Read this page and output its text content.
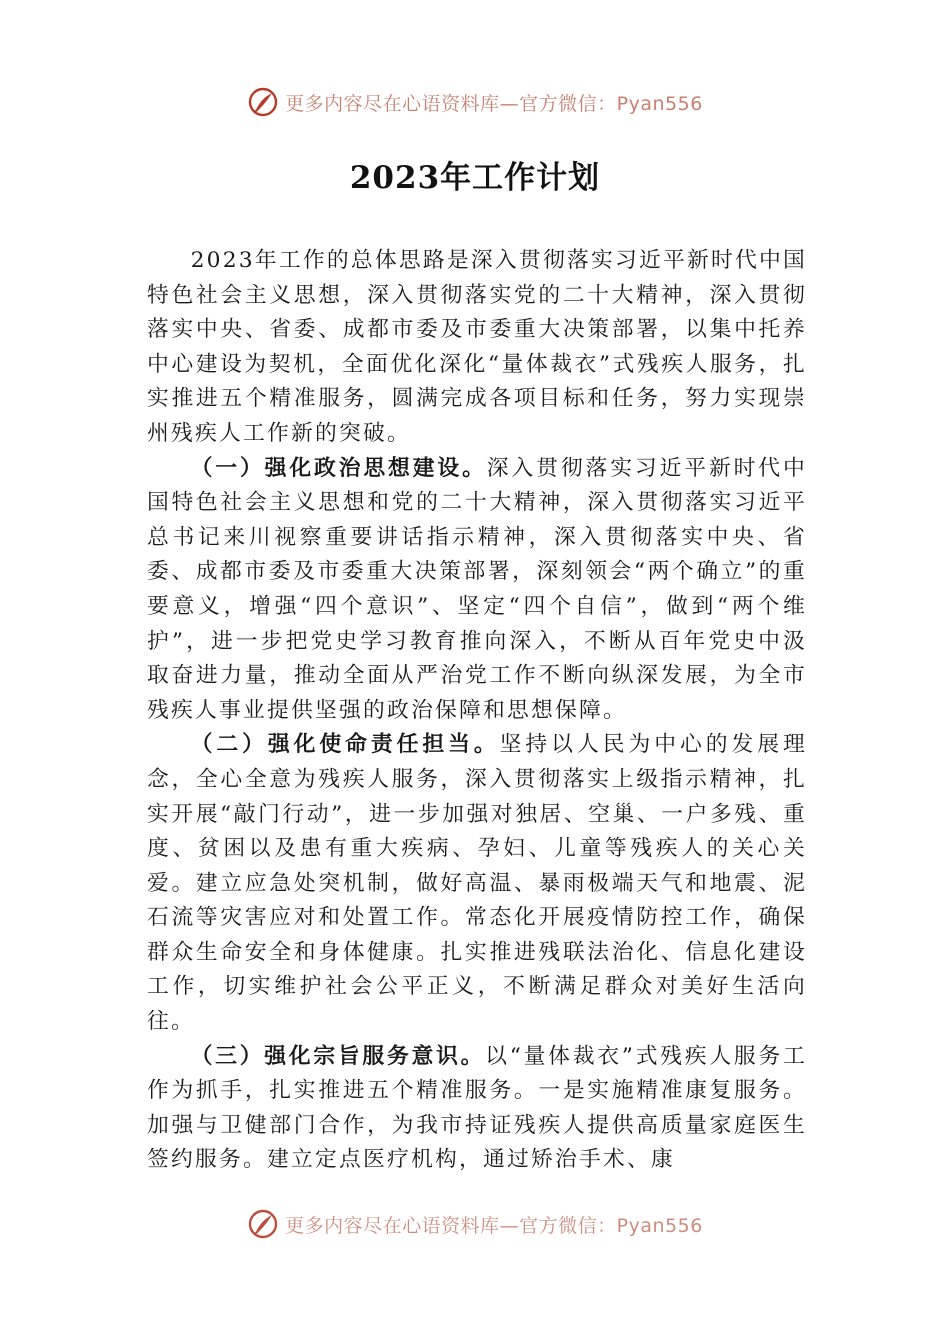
更多内容尽在心语资料库—官方微信：Pyan556
2023年工作计划

2023年工作的总体思路是深入贯彻落实习近平新时代中国特色社会主义思想，深入贯彻落实党的二十大精神，深入贯彻落实中央、省委、成都市委及市委重大决策部署，以集中托养中心建设为契机，全面优化深化“量体裁衣”式残疾人服务，扎实推进五个精准服务，圆满完成各项目标和任务，努力实现崇州残疾人工作新的突破。

（一）强化政治思想建设。深入贯彻落实习近平新时代中国特色社会主义思想和党的二十大精神，深入贯彻落实习近平总书记来川视察重要讲话指示精神，深入贯彻落实中央、省委、成都市委及市委重大决策部署，深刻领会“两个确立”的重要意义，增强“四个意识”、坚定“四个自信”，做到“两个维护”，进一步把党史学习教育推向深入，不断从百年党史中汲取奋进力量，推动全面从严治党工作不断向纵深发展，为全市残疾人事业提供坚强的政治保障和思想保障。

（二）强化使命责任担当。坚持以人民为中心的发展理念，全心全意为残疾人服务，深入贯彻落实上级指示精神，扎实开展“敲门行动”，进一步加强对独居、空巢、一户多残、重度、贫困以及患有重大疾病、孕妇、儿童等残疾人的关心关爱。建立应急处突机制，做好高温、暴雨极端天气和地震、泥石流等灾害应对和处置工作。常态化开展疫情防控工作，确保群众生命安全和身体健康。扎实推进残联法治化、信息化建设工作，切实维护社会公平正义，不断满足群众对美好生活向往。

（三）强化宗旨服务意识。以“量体裁衣”式残疾人服务工作为抓手，扎实推进五个精准服务。一是实施精准康复服务。加强与卫健部门合作，为我市持证残疾人提供高质量家庭医生签约服务。建立定点医疗机构，通过矫治手术、康

更多内容尽在心语资料库—官方微信：Pyan556
